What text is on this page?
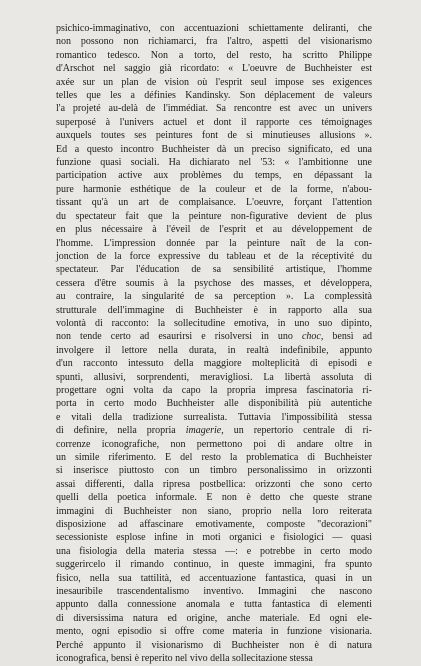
psichico-immaginativo, con accentuazioni schiettamente deliranti, che
non possono non richiamarci, fra l'altro, aspetti del visionarismo
romantico tedesco. Non a torto, del resto, ha scritto Philippe
d'Arschot nel saggio già ricordato: « L'oeuvre de Buchheister est
axée sur un plan de vision où l'esprit seul impose ses exigences
telles que les a définies Kandinsky. Son déplacement de valeurs
l'a projeté au-delà de l'immédiat. Sa rencontre est avec un univers
superposé à l'univers actuel et dont il rapporte ces témoignages
auxquels toutes ses peintures font de si minutieuses allusions ».
Ed a questo incontro Buchheister dà un preciso significato, ed una
funzione quasi sociali. Ha dichiarato nel '53: « l'ambitionne une
participation active aux problèmes du temps, en dépassant la
pure harmonie esthétique de la couleur et de la forme, n'abou-
tissant qu'à un art de complaisance. L'oeuvre, forçant l'attention
du spectateur fait que la peinture non-figurative devient de plus
en plus nécessaire à l'éveil de l'esprit et au développement de
l'homme. L'impression donnée par la peinture naît de la con-
jonction de la force expressive du tableau et de la réceptivité du
spectateur. Par l'éducation de sa sensibilité artistique, l'homme
cessera d'être soumis à la psychose des masses, et développera,
au contraire, la singularité de sa perception ». La complessità
strutturale dell'immagine di Buchheister è in rapporto alla sua
volontà di racconto: la sollecitudine emotiva, in uno suo dipinto,
non tende certo ad esaurirsi e risolversi in uno choc, bensì ad
involgere il lettore nella durata, in realtà indefinibile, appunto
d'un racconto intessuto della maggiore molteplicità di episodi e
spunti, allusivi, sorprendenti, meravigliosi. La libertà assoluta di
progettare ogni volta da capo la propria impresa fascinatoria ri-
porta in certo modo Buchheister alle disponibilità più autentiche
e vitali della tradizione surrealista. Tuttavia l'impossibilità stessa
di definire, nella propria imagerie, un repertorio centrale di ri-
correnze iconografiche, non permettono poi di andare oltre in
un simile riferimento. E del resto la problematica di Buchheister
si inserisce piuttosto con un timbro personalissimo in orizzonti
assai differenti, dalla ripresa postbellica: orizzonti che sono certo
quelli della poetica informale. E non è detto che queste strane
immagini di Buchheister non siano, proprio nella loro reiterata
disposizione ad affascinare emotivamente, composte "decorazioni"
secessioniste esplose infine in moti organici e fisiologici — quasi
una fisiologia della materia stessa —: e potrebbe in certo modo
suggerircelo il rimando continuo, in queste immagini, fra spunto
fisico, nella sua tattilità, ed accentuazione fantastica, quasi in un
inesauribile trascendentalismo inventivo. Immagini che nascono
appunto dalla connessione anomala e tutta fantastica di elementi
di diversissima natura ed origine, anche materiale. Ed ogni ele-
mento, ogni episodio si offre come materia in funzione visionaria.
Perché appunto il visionarismo di Buchheister non è di natura
iconografica, bensì è reperito nel vivo della sollecitazione stessa
